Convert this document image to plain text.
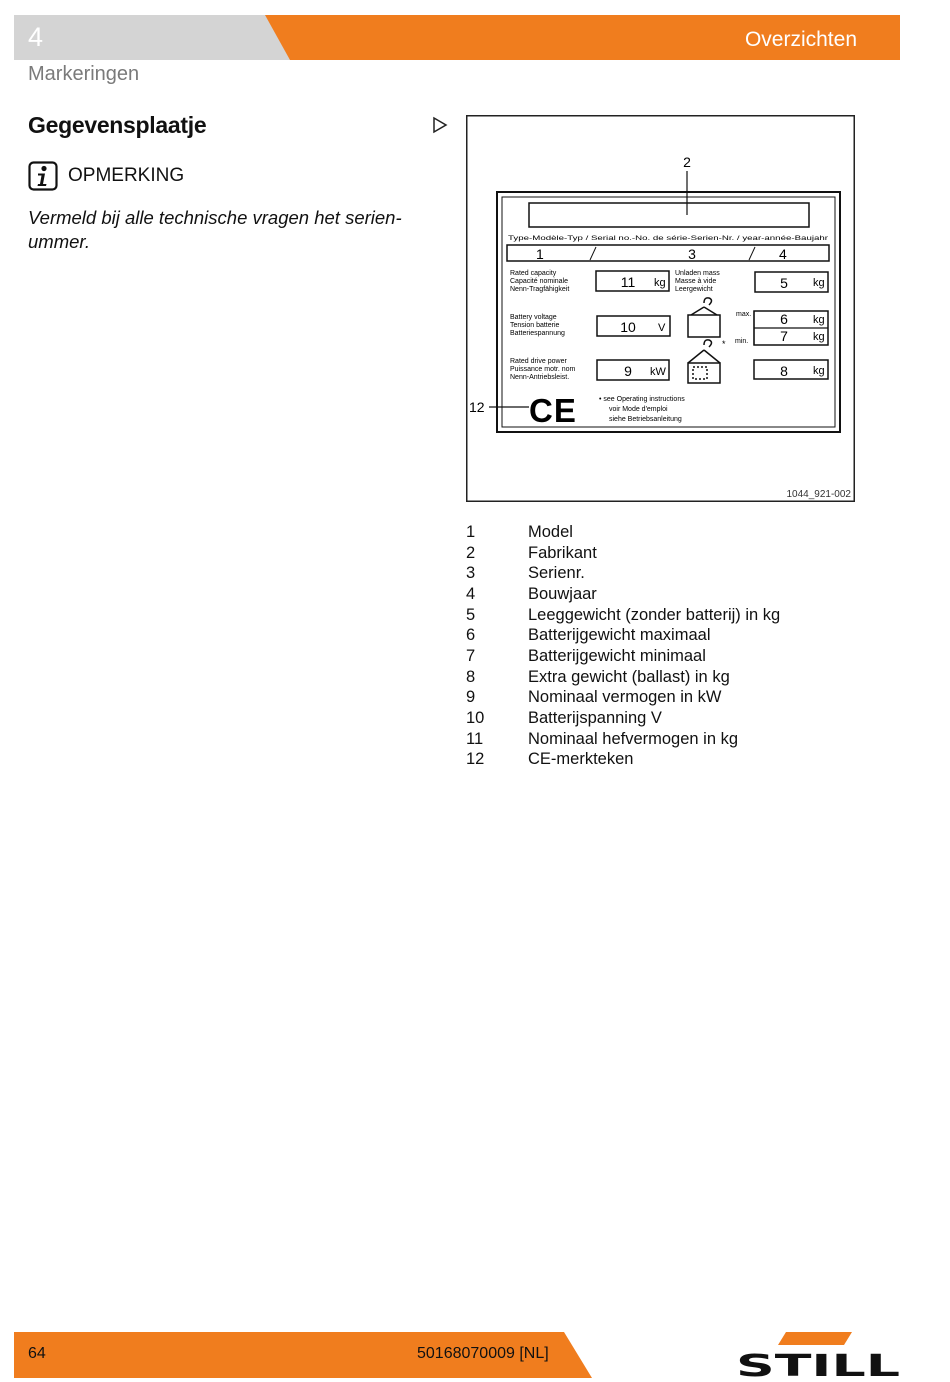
4	Overzichten
Markeringen
Gegevensplaatje
OPMERKING
Vermeld bij alle technische vragen het serien-ummer.
2
Type-Modèle-Typ / Serial no.-No. de série-Serien-Nr. / year-année-Baujahr
1	3	4
Rated capacity Capacité nominale Nenn-Tragfähigkeit	11 kg
Unladen mass Masse à vide Leergewicht	5 kg
Battery voltage Tension batterie Batteriespannung	10 V
max.
min.
6 kg
7 kg
Rated drive power Puissance motr. nom Nenn-Antriebsleist.	9 kW
*
8 kg
CE
12	• see Operating instructions voir Mode d'emploi siehe Betriebsanleitung
1044_921-002
1	Model
2	Fabrikant
3	Serienr.
4	Bouwjaar
5	Leeggewicht (zonder batterij) in kg
6	Batterijgewicht maximaal
7	Batterijgewicht minimaal
8	Extra gewicht (ballast) in kg
9	Nominaal vermogen in kW
10	Batterijspanning V
11	Nominaal hefvermogen in kg
12	CE-merkteken
64	50168070009 [NL]	STILL
